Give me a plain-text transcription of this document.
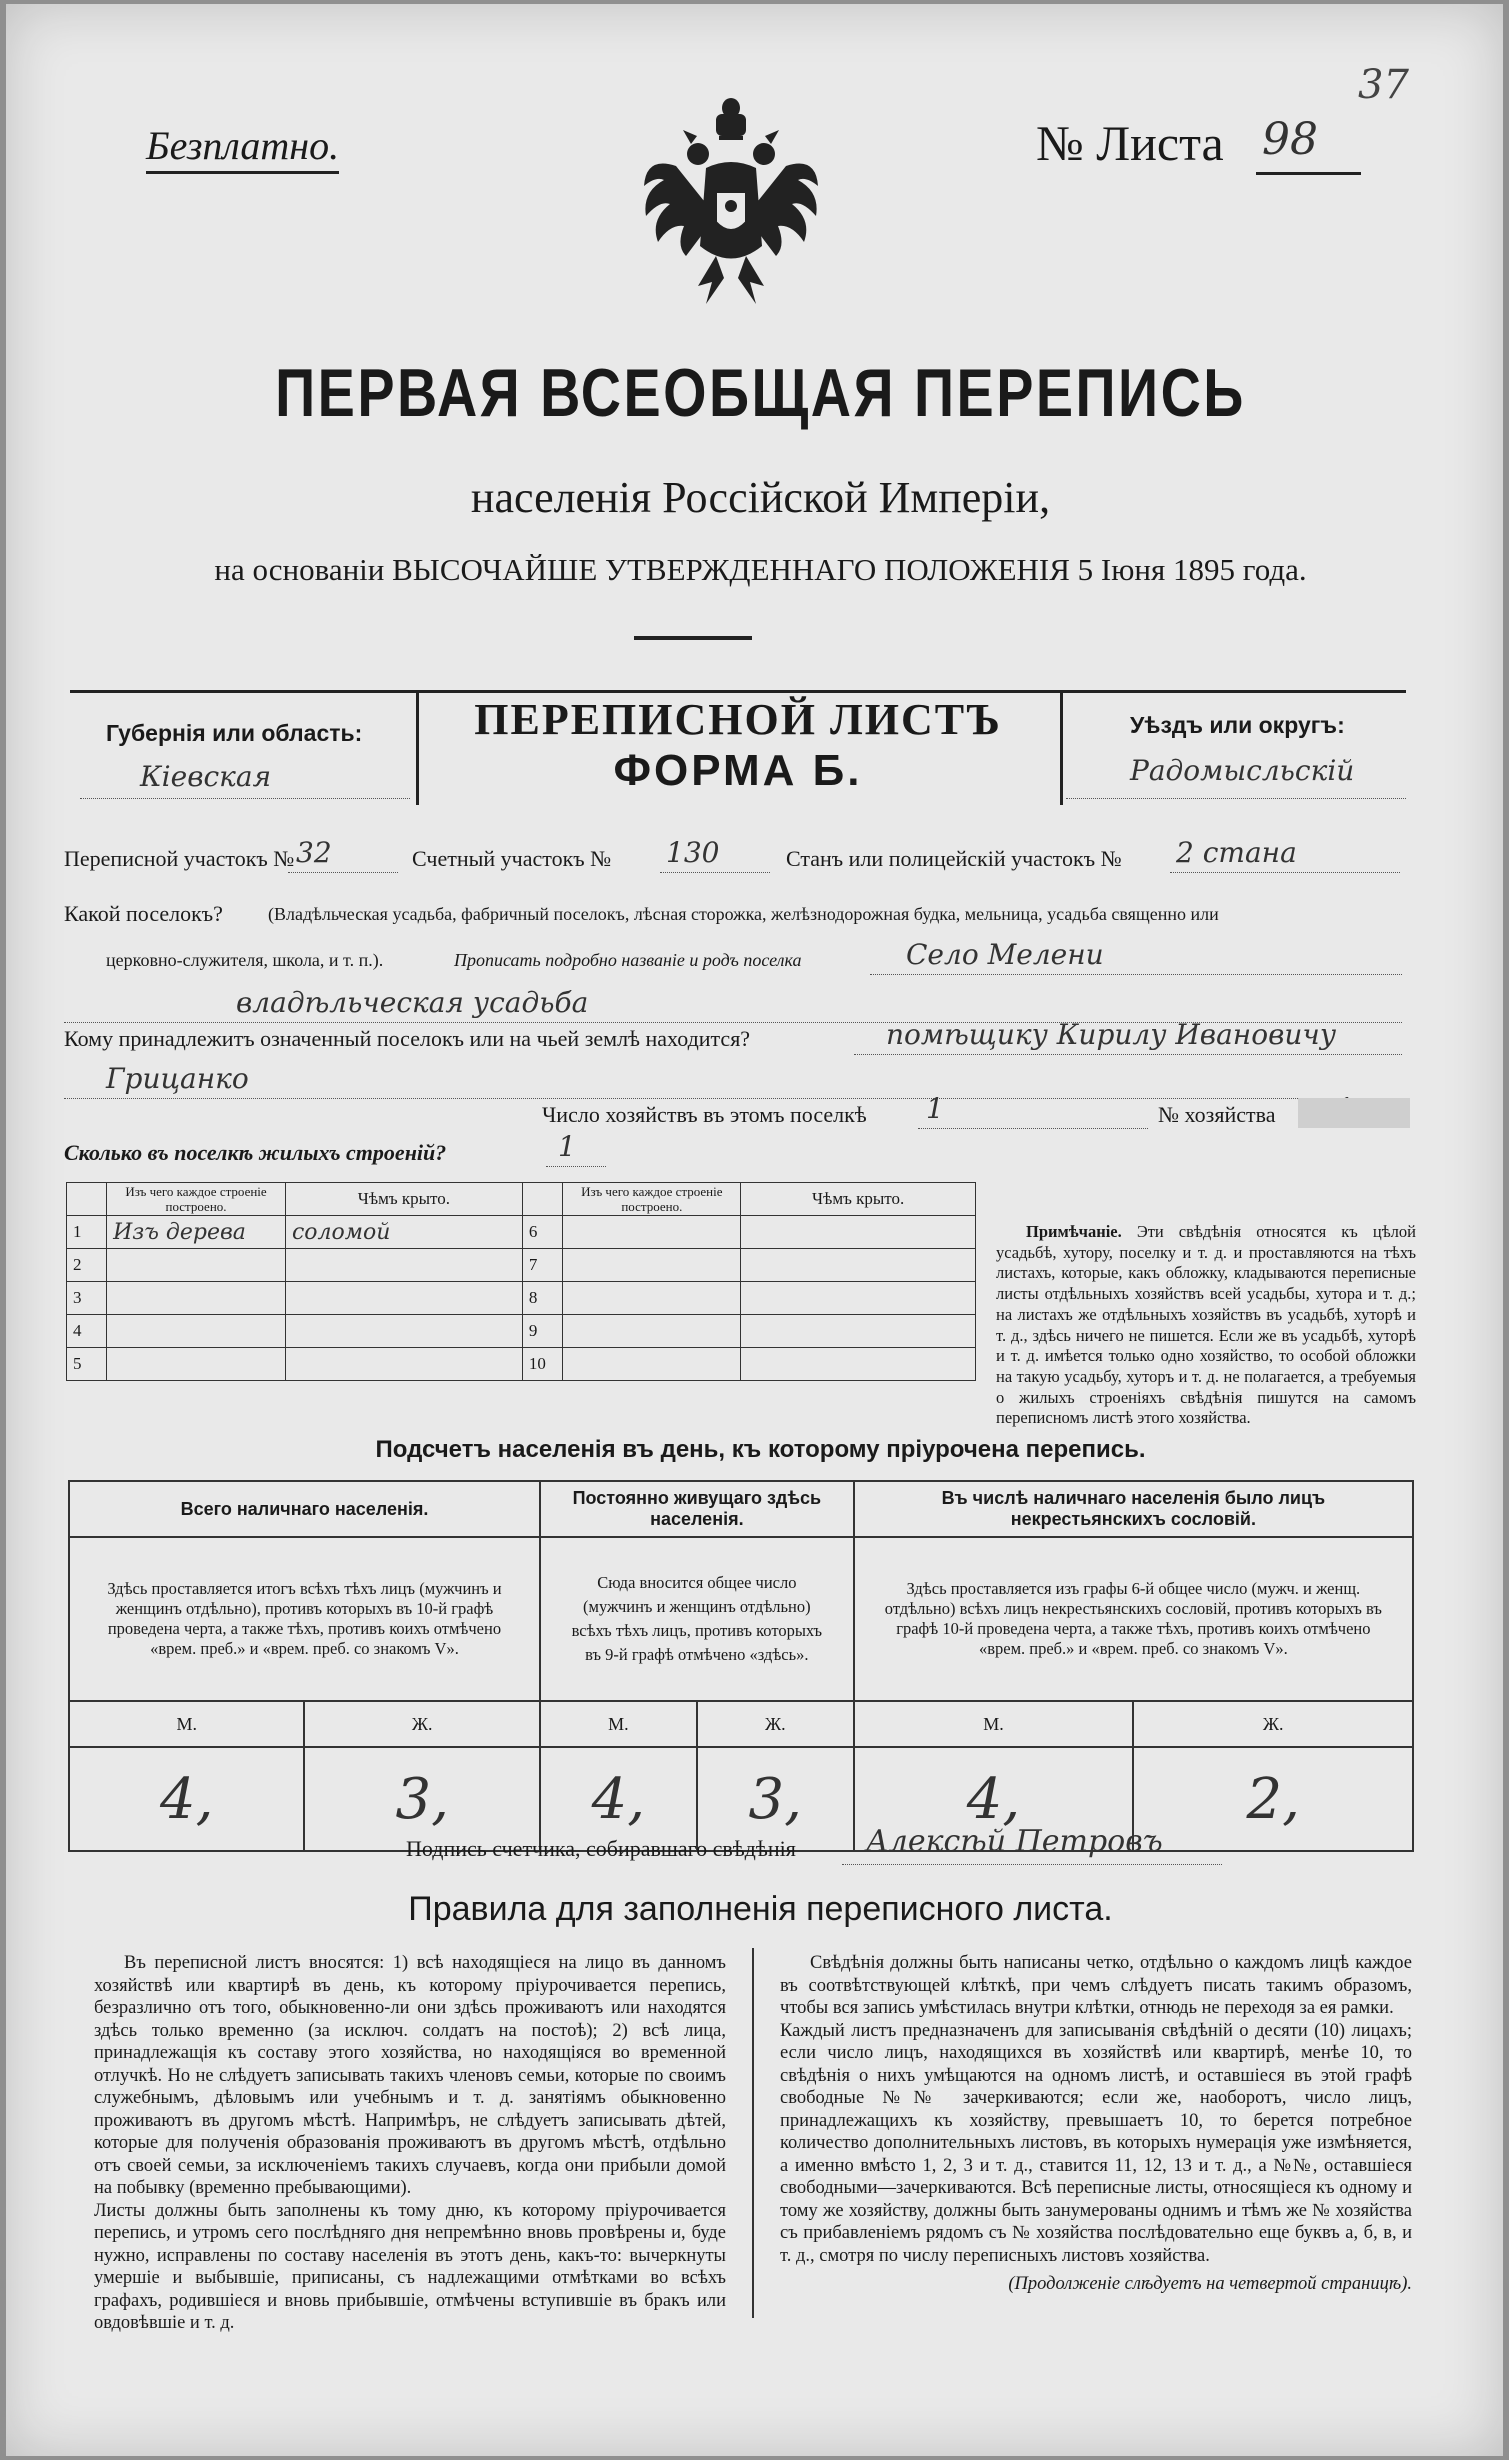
37
Безплатно.	№ Листа 98
ПЕРВАЯ ВСЕОБЩАЯ ПЕРЕПИСЬ
населенія Россійской Имперіи,
на основаніи ВЫСОЧАЙШЕ УТВЕРЖДЕННАГО ПОЛОЖЕНІЯ 5 Іюня 1895 года.
Губернія или область:
Кіевская
ПЕРЕПИСНОЙ ЛИСТЪ
ФОРМА Б.
Уѣздъ или округъ:
Радомысльскій
Переписной участокъ № 32	Счетный участокъ № 130	Станъ или полицейскій участокъ № 2 стана
Какой поселокъ?	(Владѣльческая усадьба, фабричный поселокъ, лѣсная сторожка, желѣзнодорожная будка, мельница, усадьба священно или
церковно-служителя, школа, и т. п.).	Прописать подробно названіе и родъ поселка	Село Мелени
владѣльческая усадьба
Кому принадлежитъ означенный поселокъ или на чьей землѣ находится?	помѣщику Кирилу Ивановичу
Грицанко
Число хозяйствъ въ этомъ поселкѣ 1	№ хозяйства
Сколько въ поселкѣ жилыхъ строеній?	1
	Изъ чего каждое строеніе построено.	Чѣмъ крыто.		Изъ чего каждое строеніе построено.	Чѣмъ крыто.
1	Изъ дерева	соломой	6		
2			7		
3			8		
4			9		
5			10		
Примѣчаніе. Эти свѣдѣнія относятся къ цѣлой усадьбѣ, хутору, поселку и т. д. и проставляются на тѣхъ листахъ, которые, какъ обложку, кладываются переписные листы отдѣльныхъ хозяйствъ всей усадьбы, хутора и т. д.; на листахъ же отдѣльныхъ хозяйствъ въ усадьбѣ, хуторѣ и т. д., здѣсь ничего не пишется. Если же въ усадьбѣ, хуторѣ и т. д. имѣется только одно хозяйство, то особой обложки на такую усадьбу, хуторъ и т. д. не полагается, а требуемыя о жилыхъ строеніяхъ свѣдѣнія пишутся на самомъ переписномъ листѣ этого хозяйства.
Подсчетъ населенія въ день, къ которому пріурочена перепись.
Всего наличнаго населенія.		Постоянно живущаго здѣсь населенія.		Въ числѣ наличнаго населенія было лицъ некрестьянскихъ сословій.	
Здѣсь проставляется итогъ всѣхъ тѣхъ лицъ (мужчинъ и женщинъ отдѣльно), противъ которыхъ въ 10-й графѣ проведена черта, а также тѣхъ, противъ коихъ отмѣчено «врем. преб.» и «врем. преб. со знакомъ V».		Сюда вносится общее число (мужчинъ и женщинъ отдѣльно) всѣхъ тѣхъ лицъ, противъ которыхъ въ 9-й графѣ отмѣчено «здѣсь».		Здѣсь проставляется изъ графы 6-й общее число (мужч. и женщ. отдѣльно) всѣхъ лицъ некрестьянскихъ сословій, противъ которыхъ въ графѣ 10-й проведена черта, а также тѣхъ, противъ коихъ отмѣчено «врем. преб.» и «врем. преб. со знакомъ V».	
М.	Ж.	М.	Ж.	М.	Ж.
4,	3,	4,	3,	4,	2,
Подпись счетчика, собиравшаго свѣдѣнія Алексѣй Петровъ
Правила для заполненія переписного листа.
Въ переписной листъ вносятся: 1) всѣ находящіеся на лицо въ данномъ хозяйствѣ или квартирѣ въ день, къ которому пріурочивается перепись, безразлично отъ того, обыкновенно-ли они здѣсь проживаютъ или находятся здѣсь только временно (за исключ. солдатъ на постоѣ); 2) всѣ лица, принадлежащія къ составу этого хозяйства, но находящіяся во временной отлучкѣ. Но не слѣдуетъ записывать такихъ членовъ семьи, которые по своимъ служебнымъ, дѣловымъ или учебнымъ и т. д. занятіямъ обыкновенно проживаютъ въ другомъ мѣстѣ. Напримѣръ, не слѣдуетъ записывать дѣтей, которые для полученія образованія проживаютъ въ другомъ мѣстѣ, отдѣльно отъ своей семьи, за исключеніемъ такихъ случаевъ, когда они прибыли домой на побывку (временно пребывающими).
Листы должны быть заполнены къ тому дню, къ которому пріурочивается перепись, и утромъ сего послѣдняго дня непремѣнно вновь провѣрены и, буде нужно, исправлены по составу населенія въ этотъ день, какъ-то: вычеркнуты умершіе и выбывшіе, приписаны, съ надлежащими отмѣтками во всѣхъ графахъ, родившіеся и вновь прибывшіе, отмѣчены вступившіе въ бракъ или овдовѣвшіе и т. д.
Свѣдѣнія должны быть написаны четко, отдѣльно о каждомъ лицѣ каждое въ соотвѣтствующей клѣткѣ, при чемъ слѣдуетъ писать такимъ образомъ, чтобы вся запись умѣстилась внутри клѣтки, отнюдь не переходя за ея рамки.
Каждый листъ предназначенъ для записыванія свѣдѣній о десяти (10) лицахъ; если число лицъ, находящихся въ хозяйствѣ или квартирѣ, менѣе 10, то свѣдѣнія о нихъ умѣщаются на одномъ листѣ, и оставшіеся въ этой графѣ свободные №№ зачеркиваются; если же, наоборотъ, число лицъ, принадлежащихъ къ хозяйству, превышаетъ 10, то берется потребное количество дополнительныхъ листовъ, въ которыхъ нумерація уже измѣняется, а именно вмѣсто 1, 2, 3 и т. д., ставится 11, 12, 13 и т. д., а №№, оставшіеся свободными—зачеркиваются. Всѣ переписные листы, относящіеся къ одному и тому же хозяйству, должны быть занумерованы однимъ и тѣмъ же № хозяйства съ прибавленіемъ рядомъ съ № хозяйства послѣдовательно еще буквъ а, б, в, и т. д., смотря по числу переписныхъ листовъ хозяйства.
(Продолженіе слѣдуетъ на четвертой страницѣ).
